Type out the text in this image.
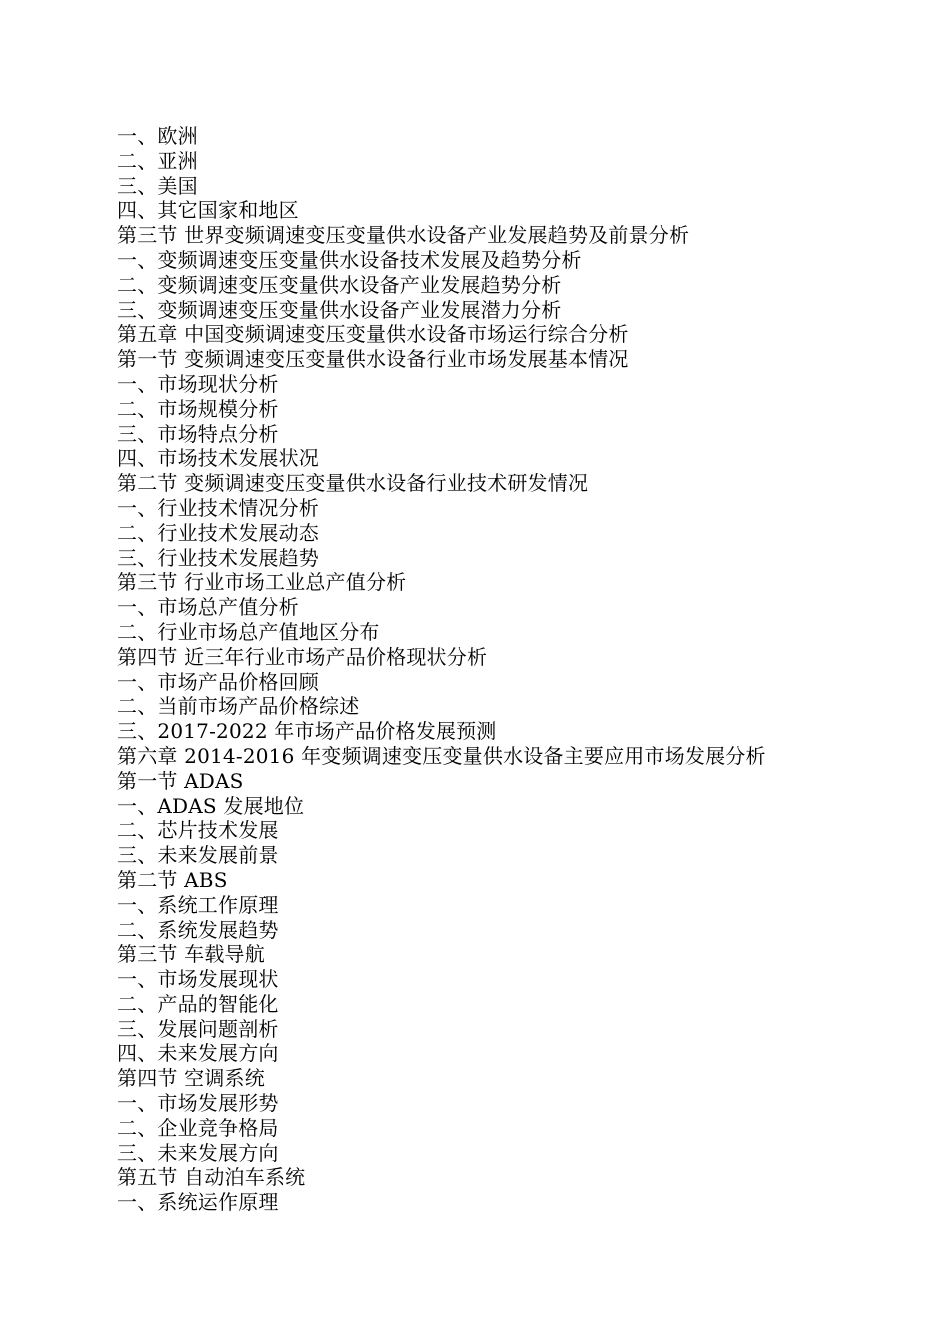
一、欧洲
二、亚洲
三、美国
四、其它国家和地区
第三节 世界变频调速变压变量供水设备产业发展趋势及前景分析
一、变频调速变压变量供水设备技术发展及趋势分析
二、变频调速变压变量供水设备产业发展趋势分析
三、变频调速变压变量供水设备产业发展潜力分析
第五章 中国变频调速变压变量供水设备市场运行综合分析
第一节 变频调速变压变量供水设备行业市场发展基本情况
一、市场现状分析
二、市场规模分析
三、市场特点分析
四、市场技术发展状况
第二节 变频调速变压变量供水设备行业技术研发情况
一、行业技术情况分析
二、行业技术发展动态
三、行业技术发展趋势
第三节 行业市场工业总产值分析
一、市场总产值分析
二、行业市场总产值地区分布
第四节 近三年行业市场产品价格现状分析
一、市场产品价格回顾
二、当前市场产品价格综述
三、2017-2022 年市场产品价格发展预测
第六章 2014-2016 年变频调速变压变量供水设备主要应用市场发展分析
第一节 ADAS
一、ADAS 发展地位
二、芯片技术发展
三、未来发展前景
第二节 ABS
一、系统工作原理
二、系统发展趋势
第三节 车载导航
一、市场发展现状
二、产品的智能化
三、发展问题剖析
四、未来发展方向
第四节 空调系统
一、市场发展形势
二、企业竞争格局
三、未来发展方向
第五节 自动泊车系统
一、系统运作原理
